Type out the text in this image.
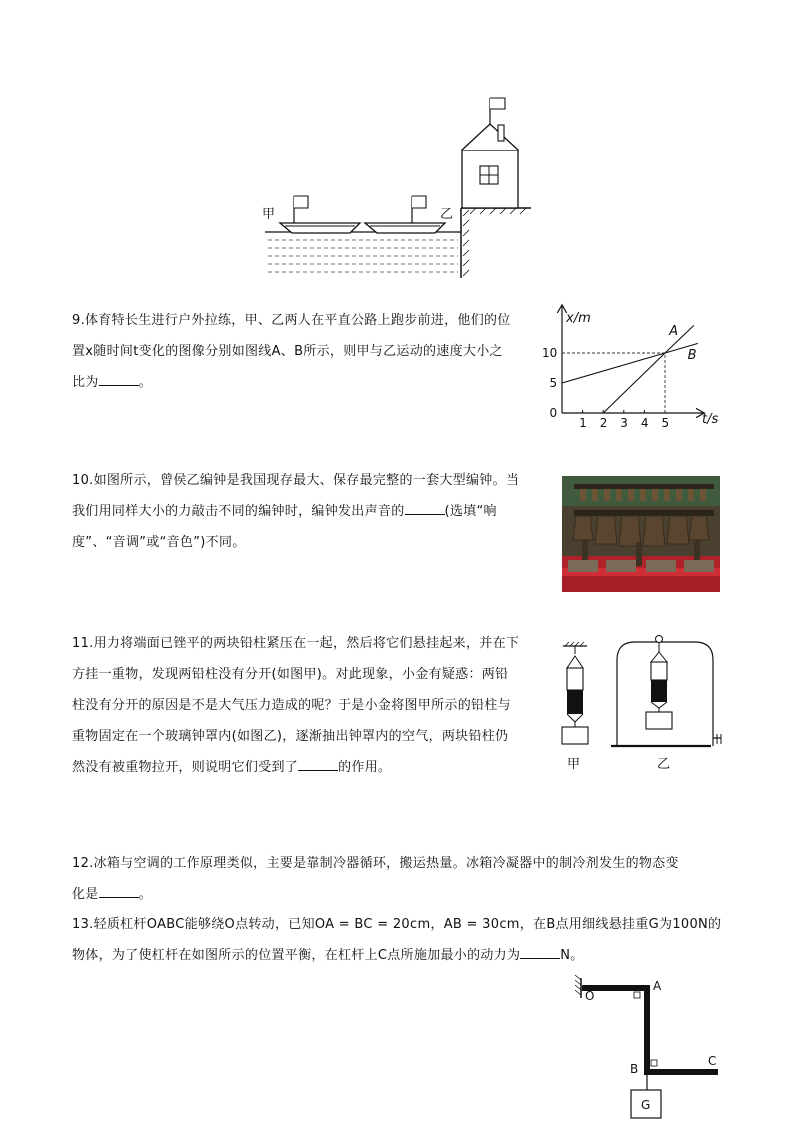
甲	乙

9.体育特长生进行户外拉练，甲、乙两人在平直公路上跑步前进，他们的位

置x随时间t变化的图像分别如图线A、B所示，则甲与乙运动的速度大小之

比为	。

x/m
t/s
1 2 3 4 5
0
5
10
A
B

10.如图所示，曾侯乙编钟是我国现存最大、保存最完整的一套大型编钟。当

我们用同样大小的力敲击不同的编钟时，编钟发出声音的	(选填“响

度”、“音调”或“音色”)不同。

11.用力将端面已锉平的两块铅柱紧压在一起，然后将它们悬挂起来，并在下

方挂一重物，发现两铅柱没有分开(如图甲)。对此现象，小金有疑惑：两铅

柱没有分开的原因是不是大气压力造成的呢？于是小金将图甲所示的铅柱与

重物固定在一个玻璃钟罩内(如图乙)，逐渐抽出钟罩内的空气，两块铅柱仍

然没有被重物拉开，则说明它们受到了	的作用。	甲	乙

12.冰箱与空调的工作原理类似，主要是靠制冷器循环，搬运热量。冰箱冷凝器中的制冷剂发生的物态变

化是	。

13.轻质杠杆OABC能够绕O点转动，已知OA = BC = 20cm，AB = 30cm，在B点用细线悬挂重G为100N的

物体，为了使杠杆在如图所示的位置平衡，在杠杆上C点所施加最小的动力为	N。

O
A
B
C
G
